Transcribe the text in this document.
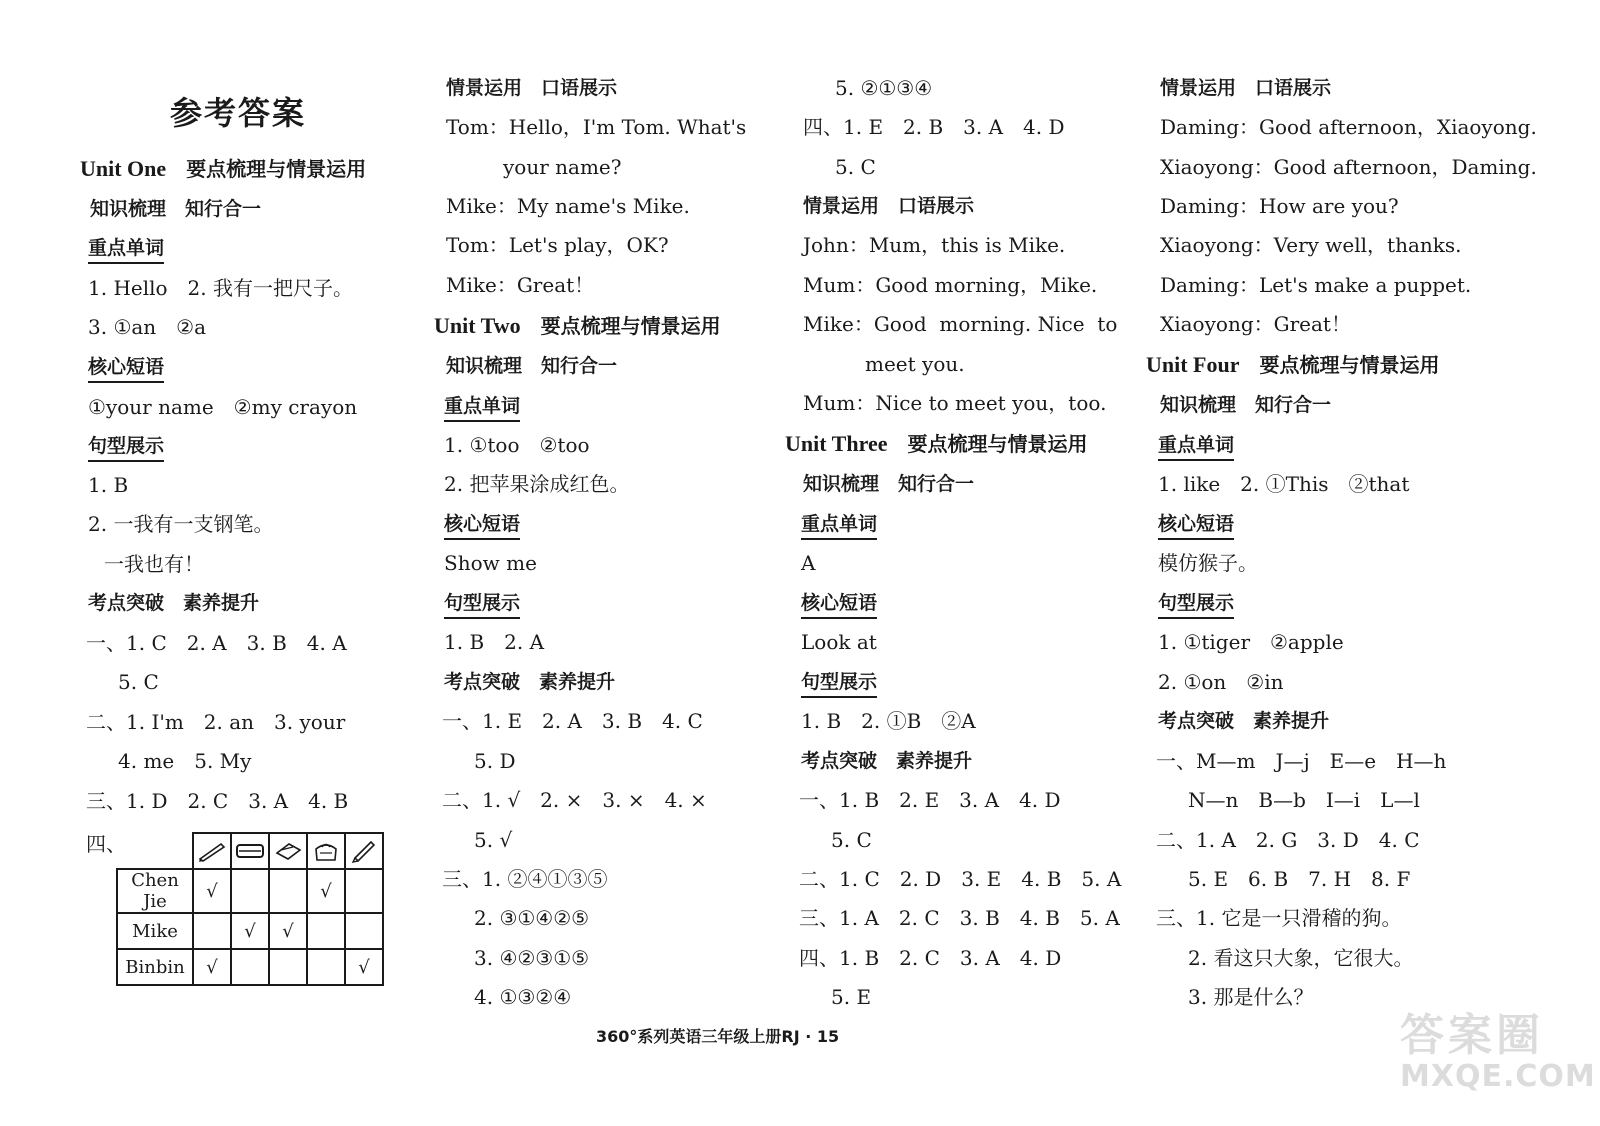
参考答案
Unit One 要点梳理与情景运用
知识梳理　知行合一
重点单词
1. Hello　2. 我有一把尺子。
3. ①an　②a
核心短语
①your name　②my crayon
句型展示
1. B
2. 一我有一支钢笔。
一我也有！
考点突破　素养提升
一、1. C　2. A　3. B　4. A
5. C
二、1. I'm　2. an　3. your
4. me　5. My
三、1. D　2. C　3. A　4. B
情景运用　口语展示
Tom：Hello，I'm Tom. What's
your name?
Mike：My name's Mike.
Tom：Let's play，OK?
Mike：Great！
Unit Two 要点梳理与情景运用
知识梳理　知行合一
重点单词
1. ①too　②too
2. 把苹果涂成红色。
核心短语
Show me
句型展示
1. B　2. A
考点突破　素养提升
一、1. E　2. A　3. B　4. C
5. D
二、1. √　2. ×　3. ×　4. ×
5. √
三、1. ②④①③⑤
2. ③①④②⑤
3. ④②③①⑤
4. ①③②④
5. ②①③④
四、1. E　2. B　3. A　4. D
5. C
情景运用　口语展示
John：Mum，this is Mike.
Mum：Good morning，Mike.
Mike：Good  morning. Nice  to
meet you.
Mum：Nice to meet you，too.
Unit Three 要点梳理与情景运用
知识梳理　知行合一
重点单词
A
核心短语
Look at
句型展示
1. B　2. ①B　②A
考点突破　素养提升
一、1. B　2. E　3. A　4. D
5. C
二、1. C　2. D　3. E　4. B　5. A
三、1. A　2. C　3. B　4. B　5. A
四、1. B　2. C　3. A　4. D
5. E
情景运用　口语展示
Daming：Good afternoon，Xiaoyong.
Xiaoyong：Good afternoon，Daming.
Daming：How are you?
Xiaoyong：Very well，thanks.
Daming：Let's make a puppet.
Xiaoyong：Great！
Unit Four 要点梳理与情景运用
知识梳理　知行合一
重点单词
1. like　2. ①This　②that
核心短语
模仿猴子。
句型展示
1. ①tiger　②apple
2. ①on　②in
考点突破　素养提升
一、M—m　J—j　E—e　H—h
N—n　B—b　I—i　L—l
二、1. A　2. G　3. D　4. C
5. E　6. B　7. H　8. F
三、1. 它是一只滑稽的狗。
2. 看这只大象，它很大。
3. 那是什么？
四、

Chen Jie	√			√	
Mike		√	√		
Binbin	√				√
360°系列英语三年级上册RJ · 15	答案圈
MXQE.COM
